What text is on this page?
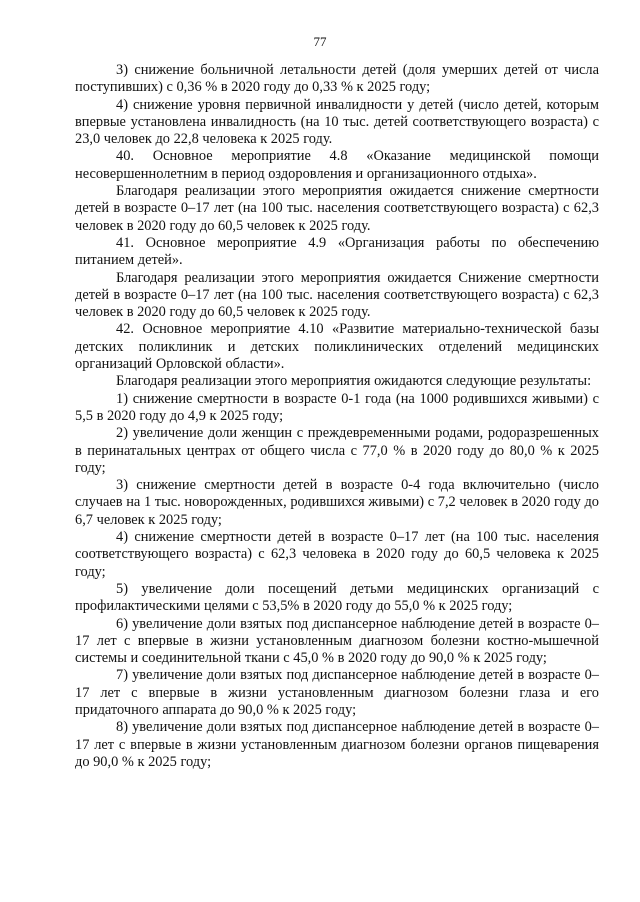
77

3) снижение больничной летальности детей (доля умерших детей от числа поступивших) с 0,36 % в 2020 году до 0,33 % к 2025 году;

4) снижение уровня первичной инвалидности у детей (число детей, которым впервые установлена инвалидность (на 10 тыс. детей соответствующего возраста) с 23,0 человек до 22,8 человека к 2025 году.

40. Основное мероприятие 4.8 «Оказание медицинской помощи несовершеннолетним в период оздоровления и организационного отдыха».

Благодаря реализации этого мероприятия ожидается снижение смертности детей в возрасте 0–17 лет (на 100 тыс. населения соответствующего возраста) с 62,3 человек в 2020 году до 60,5 человек к 2025 году.

41. Основное мероприятие 4.9 «Организация работы по обеспечению питанием детей».

Благодаря реализации этого мероприятия ожидается Снижение смертности детей в возрасте 0–17 лет (на 100 тыс. населения соответствующего возраста) с 62,3 человек в 2020 году до 60,5 человек к 2025 году.

42. Основное мероприятие 4.10 «Развитие материально-технической базы детских поликлиник и детских поликлинических отделений медицинских организаций Орловской области».

Благодаря реализации этого мероприятия ожидаются следующие результаты:

1) снижение смертности в возрасте 0-1 года (на 1000 родившихся живыми) с 5,5 в 2020 году до 4,9 к 2025 году;

2) увеличение доли женщин с преждевременными родами, родоразрешенных в перинатальных центрах от общего числа с 77,0 % в 2020 году до 80,0 % к 2025 году;

3) снижение смертности детей в возрасте 0-4 года включительно (число случаев на 1 тыс. новорожденных, родившихся живыми) с 7,2 человек в 2020 году до 6,7 человек к 2025 году;

4) снижение смертности детей в возрасте 0–17 лет (на 100 тыс. населения соответствующего возраста) с 62,3 человека в 2020 году до 60,5 человека к 2025 году;

5) увеличение доли посещений детьми медицинских организаций с профилактическими целями с 53,5% в 2020 году до 55,0 % к 2025 году;

6) увеличение доли взятых под диспансерное наблюдение детей в возрасте 0–17 лет с впервые в жизни установленным диагнозом болезни костно-мышечной системы и соединительной ткани с 45,0 % в 2020 году до 90,0 % к 2025 году;

7) увеличение доли взятых под диспансерное наблюдение детей в возрасте 0–17 лет с впервые в жизни установленным диагнозом болезни глаза и его придаточного аппарата до 90,0 % к 2025 году;

8) увеличение доли взятых под диспансерное наблюдение детей в возрасте 0–17 лет с впервые в жизни установленным диагнозом болезни органов пищеварения до 90,0 % к 2025 году;
